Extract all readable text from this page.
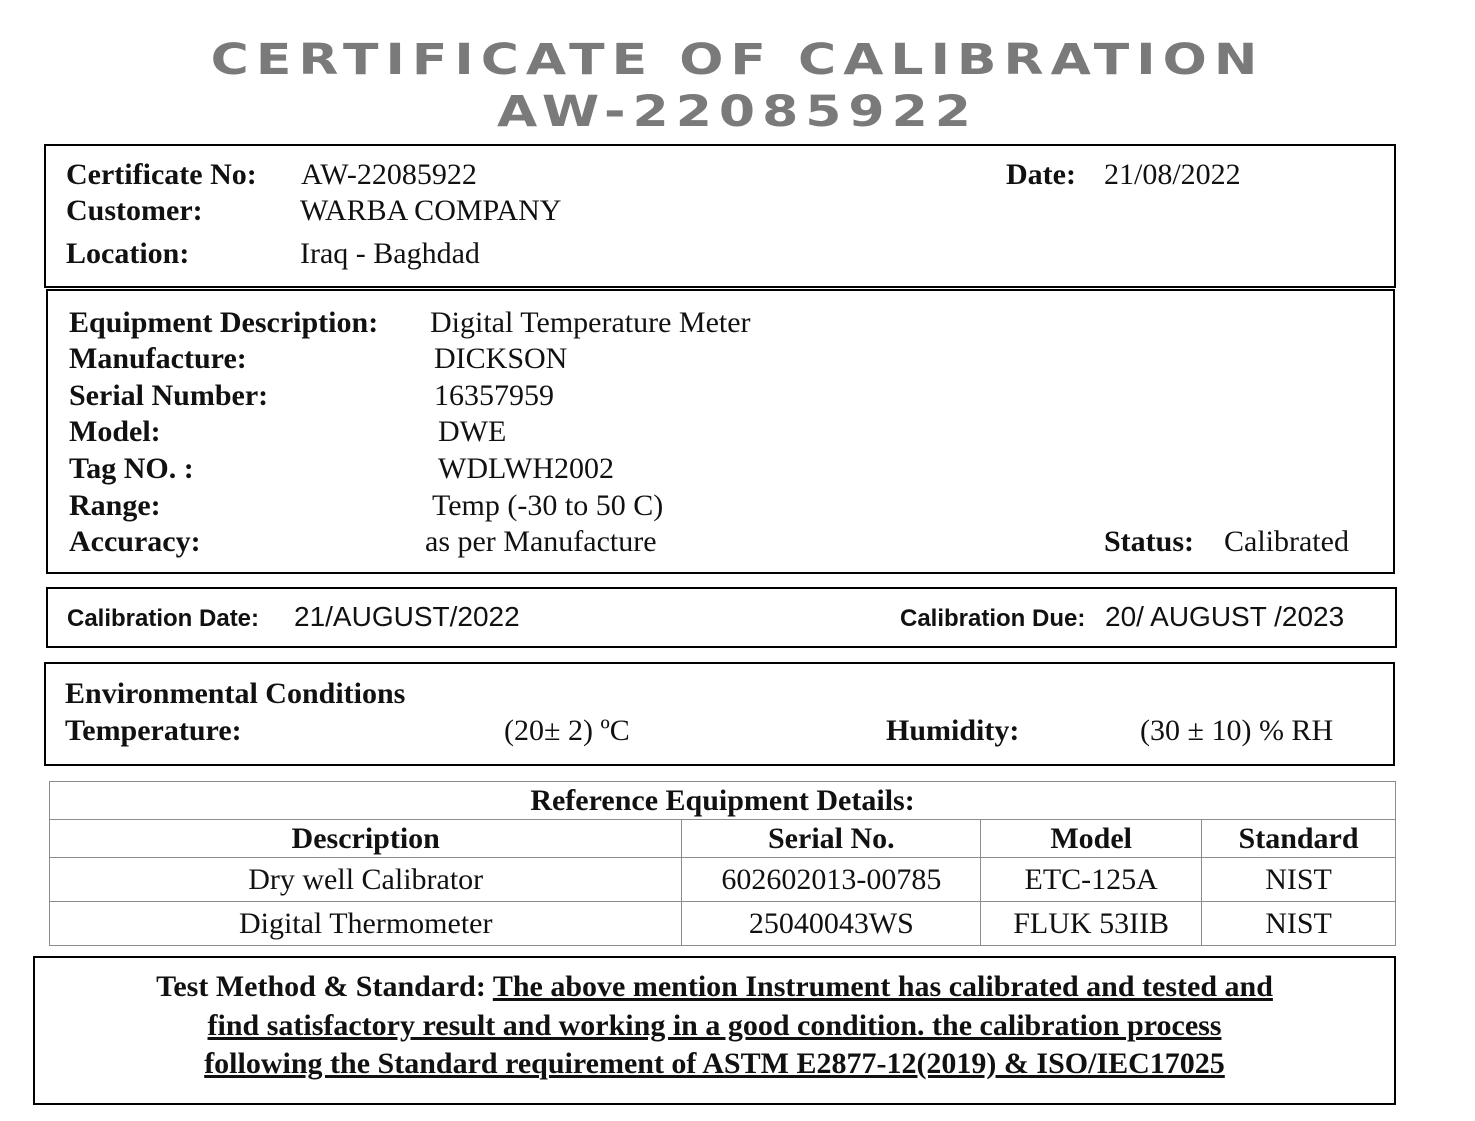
CERTIFICATE OF CALIBRATION
AW-22085922
Certificate No: AW-22085922	Date: 21/08/2022
Customer:	WARBA COMPANY
Location:	Iraq - Baghdad
Equipment Description: Digital Temperature Meter
Manufacture:	DICKSON
Serial Number:	16357959
Model:	DWE
Tag NO. :	WDLWH2002
Range:	Temp (-30 to 50 C)
Accuracy:	as per Manufacture	Status: Calibrated
Calibration Date: 21/AUGUST/2022	Calibration Due: 20/ AUGUST /2023
Environmental Conditions
Temperature:	(20± 2) ºC	Humidity:	(30 ± 10) % RH
Reference Equipment Details:			
Description	Serial No.	Model	Standard
Dry well Calibrator	602602013-00785	ETC-125A	NIST
Digital Thermometer	25040043WS	FLUK 53IIB	NIST
Test Method & Standard: The above mention Instrument has calibrated and tested and
find satisfactory result and working in a good condition. the calibration process
following the Standard requirement of ASTM E2877-12(2019) & ISO/IEC17025
